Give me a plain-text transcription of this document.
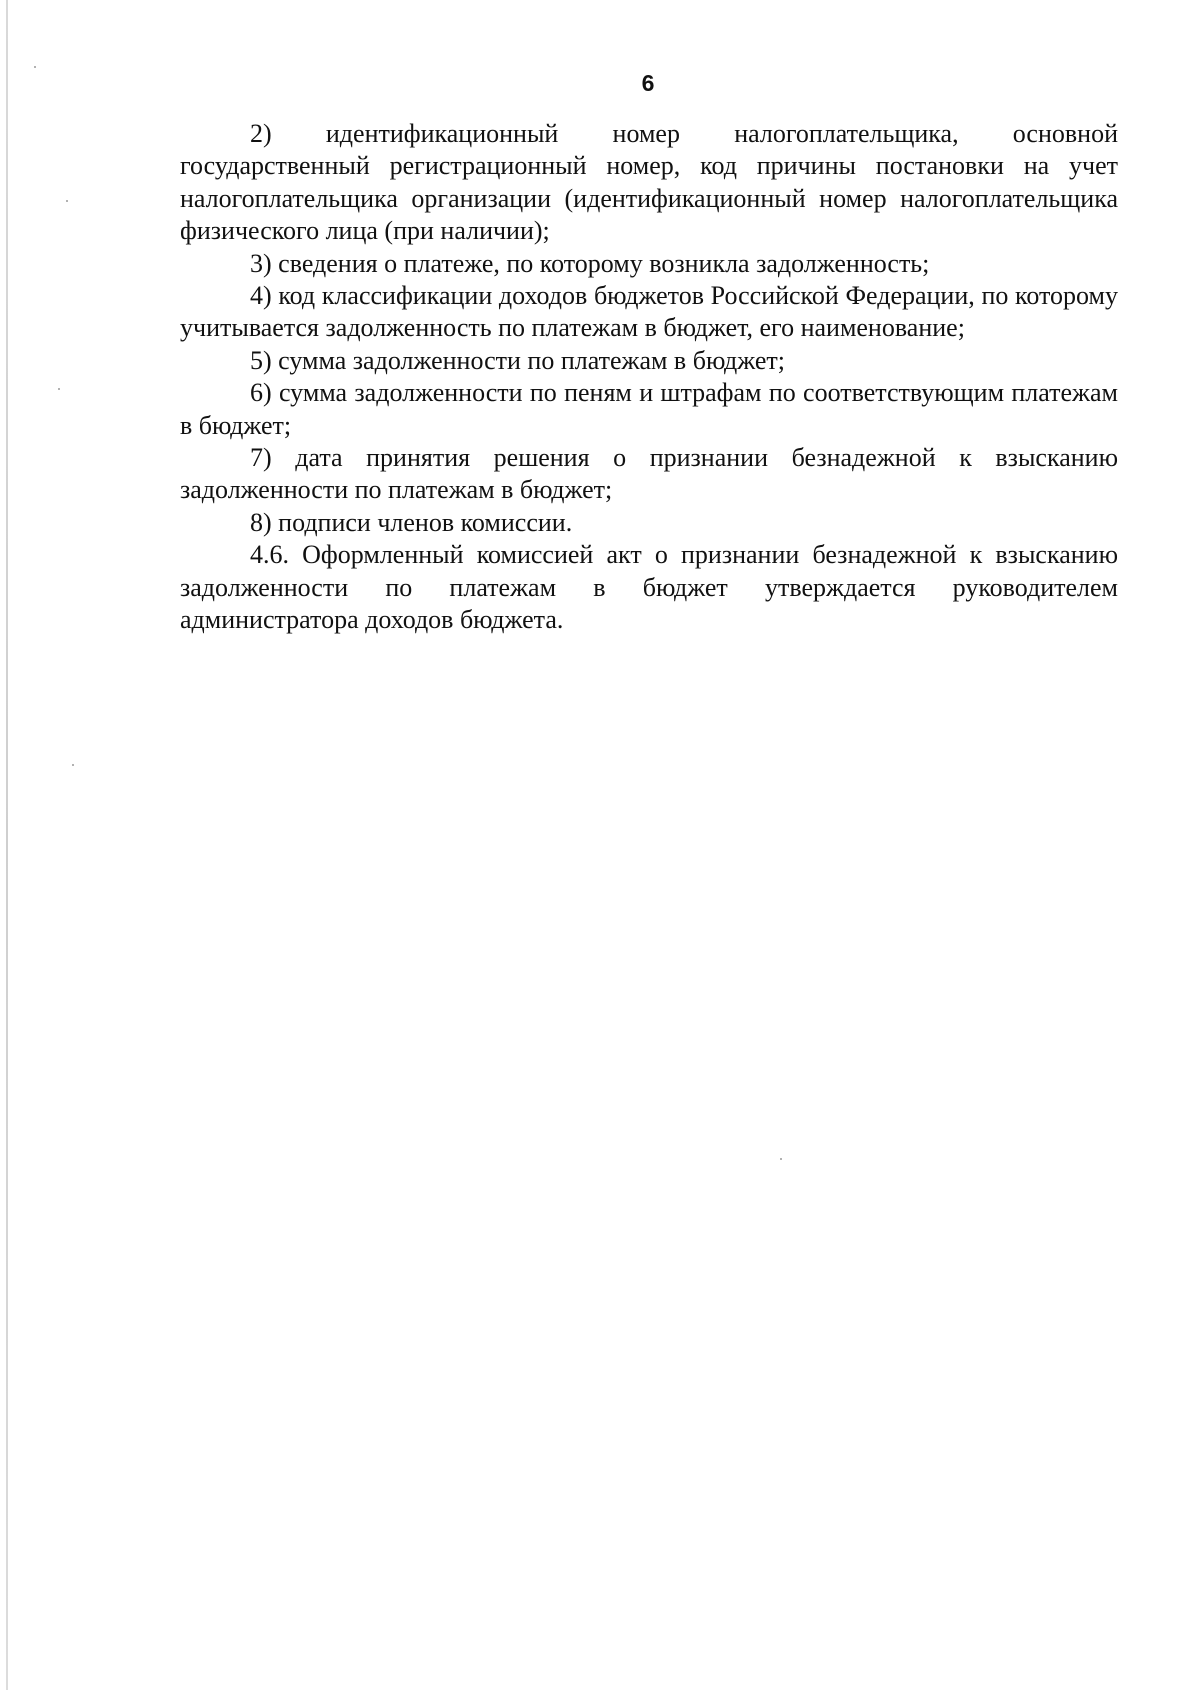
6

2) идентификационный номер налогоплательщика, основной государственный регистрационный номер, код причины постановки на учет налогоплательщика организации (идентификационный номер налогоплательщика физического лица (при наличии);

3) сведения о платеже, по которому возникла задолженность;

4) код классификации доходов бюджетов Российской Федерации, по которому учитывается задолженность по платежам в бюджет, его наименование;

5) сумма задолженности по платежам в бюджет;

6) сумма задолженности по пеням и штрафам по соответствующим платежам в бюджет;

7) дата принятия решения о признании безнадежной к взысканию задолженности по платежам в бюджет;

8) подписи членов комиссии.

4.6. Оформленный комиссией акт о признании безнадежной к взысканию задолженности по платежам в бюджет утверждается руководителем администратора доходов бюджета.
